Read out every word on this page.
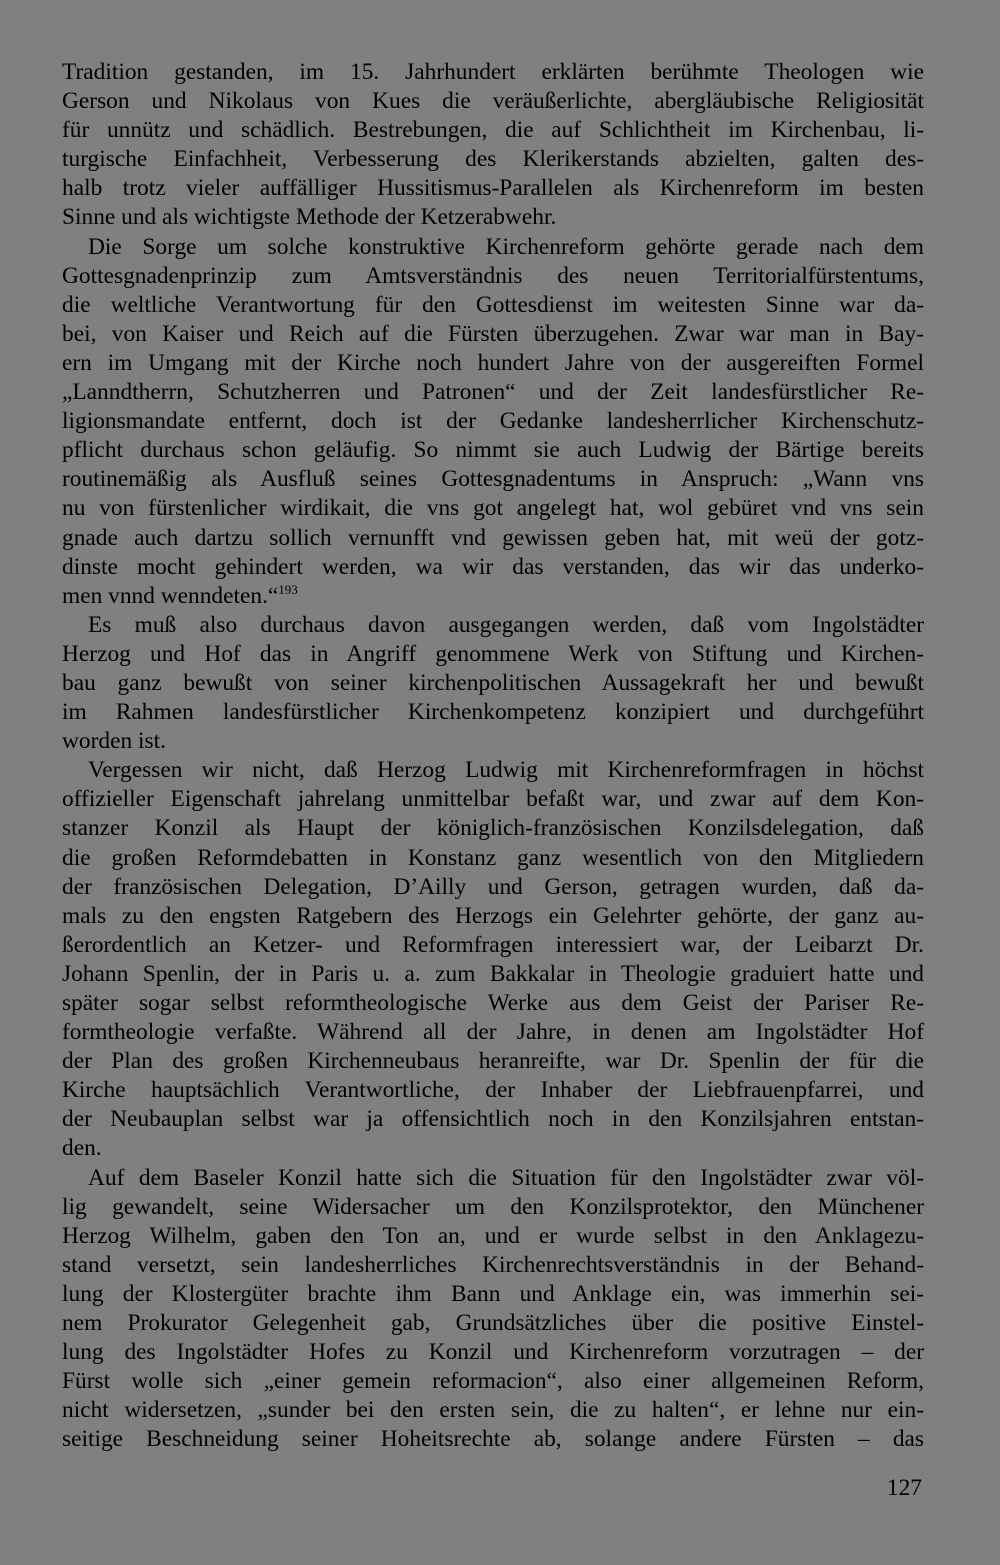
Tradition gestanden, im 15. Jahrhundert erklärten berühmte Theologen wie
Gerson und Nikolaus von Kues die veräußerlichte, abergläubische Religiosität
für unnütz und schädlich. Bestrebungen, die auf Schlichtheit im Kirchenbau, li-
turgische Einfachheit, Verbesserung des Klerikerstands abzielten, galten des-
halb trotz vieler auffälliger Hussitismus-Parallelen als Kirchenreform im besten
Sinne und als wichtigste Methode der Ketzerabwehr.
Die Sorge um solche konstruktive Kirchenreform gehörte gerade nach dem
Gottesgnadenprinzip zum Amtsverständnis des neuen Territorialfürstentums,
die weltliche Verantwortung für den Gottesdienst im weitesten Sinne war da-
bei, von Kaiser und Reich auf die Fürsten überzugehen. Zwar war man in Bay-
ern im Umgang mit der Kirche noch hundert Jahre von der ausgereiften Formel
„Lanndtherrn, Schutzherren und Patronen“ und der Zeit landesfürstlicher Re-
ligionsmandate entfernt, doch ist der Gedanke landesherrlicher Kirchenschutz-
pflicht durchaus schon geläufig. So nimmt sie auch Ludwig der Bärtige bereits
routinemäßig als Ausfluß seines Gottesgnadentums in Anspruch: „Wann vns
nu von fürstenlicher wirdikait, die vns got angelegt hat, wol gebüret vnd vns sein
gnade auch dartzu sollich vernunfft vnd gewissen geben hat, mit weü der gotz-
dinste mocht gehindert werden, wa wir das verstanden, das wir das underko-
men vnnd wenndeten.“$^{193}$
Es muß also durchaus davon ausgegangen werden, daß vom Ingolstädter
Herzog und Hof das in Angriff genommene Werk von Stiftung und Kirchen-
bau ganz bewußt von seiner kirchenpolitischen Aussagekraft her und bewußt
im Rahmen landesfürstlicher Kirchenkompetenz konzipiert und durchgeführt
worden ist.
Vergessen wir nicht, daß Herzog Ludwig mit Kirchenreformfragen in höchst
offizieller Eigenschaft jahrelang unmittelbar befaßt war, und zwar auf dem Kon-
stanzer Konzil als Haupt der königlich-französischen Konzilsdelegation, daß
die großen Reformdebatten in Konstanz ganz wesentlich von den Mitgliedern
der französischen Delegation, D’Ailly und Gerson, getragen wurden, daß da-
mals zu den engsten Ratgebern des Herzogs ein Gelehrter gehörte, der ganz au-
ßerordentlich an Ketzer- und Reformfragen interessiert war, der Leibarzt Dr.
Johann Spenlin, der in Paris u. a. zum Bakkalar in Theologie graduiert hatte und
später sogar selbst reformtheologische Werke aus dem Geist der Pariser Re-
formtheologie verfaßte. Während all der Jahre, in denen am Ingolstädter Hof
der Plan des großen Kirchenneubaus heranreifte, war Dr. Spenlin der für die
Kirche hauptsächlich Verantwortliche, der Inhaber der Liebfrauenpfarrei, und
der Neubauplan selbst war ja offensichtlich noch in den Konzilsjahren entstan-
den.
Auf dem Baseler Konzil hatte sich die Situation für den Ingolstädter zwar völ-
lig gewandelt, seine Widersacher um den Konzilsprotektor, den Münchener
Herzog Wilhelm, gaben den Ton an, und er wurde selbst in den Anklagezu-
stand versetzt, sein landesherrliches Kirchenrechtsverständnis in der Behand-
lung der Klostergüter brachte ihm Bann und Anklage ein, was immerhin sei-
nem Prokurator Gelegenheit gab, Grundsätzliches über die positive Einstel-
lung des Ingolstädter Hofes zu Konzil und Kirchenreform vorzutragen – der
Fürst wolle sich „einer gemein reformacion“, also einer allgemeinen Reform,
nicht widersetzen, „sunder bei den ersten sein, die zu halten“, er lehne nur ein-
seitige Beschneidung seiner Hoheitsrechte ab, solange andere Fürsten – das
127
